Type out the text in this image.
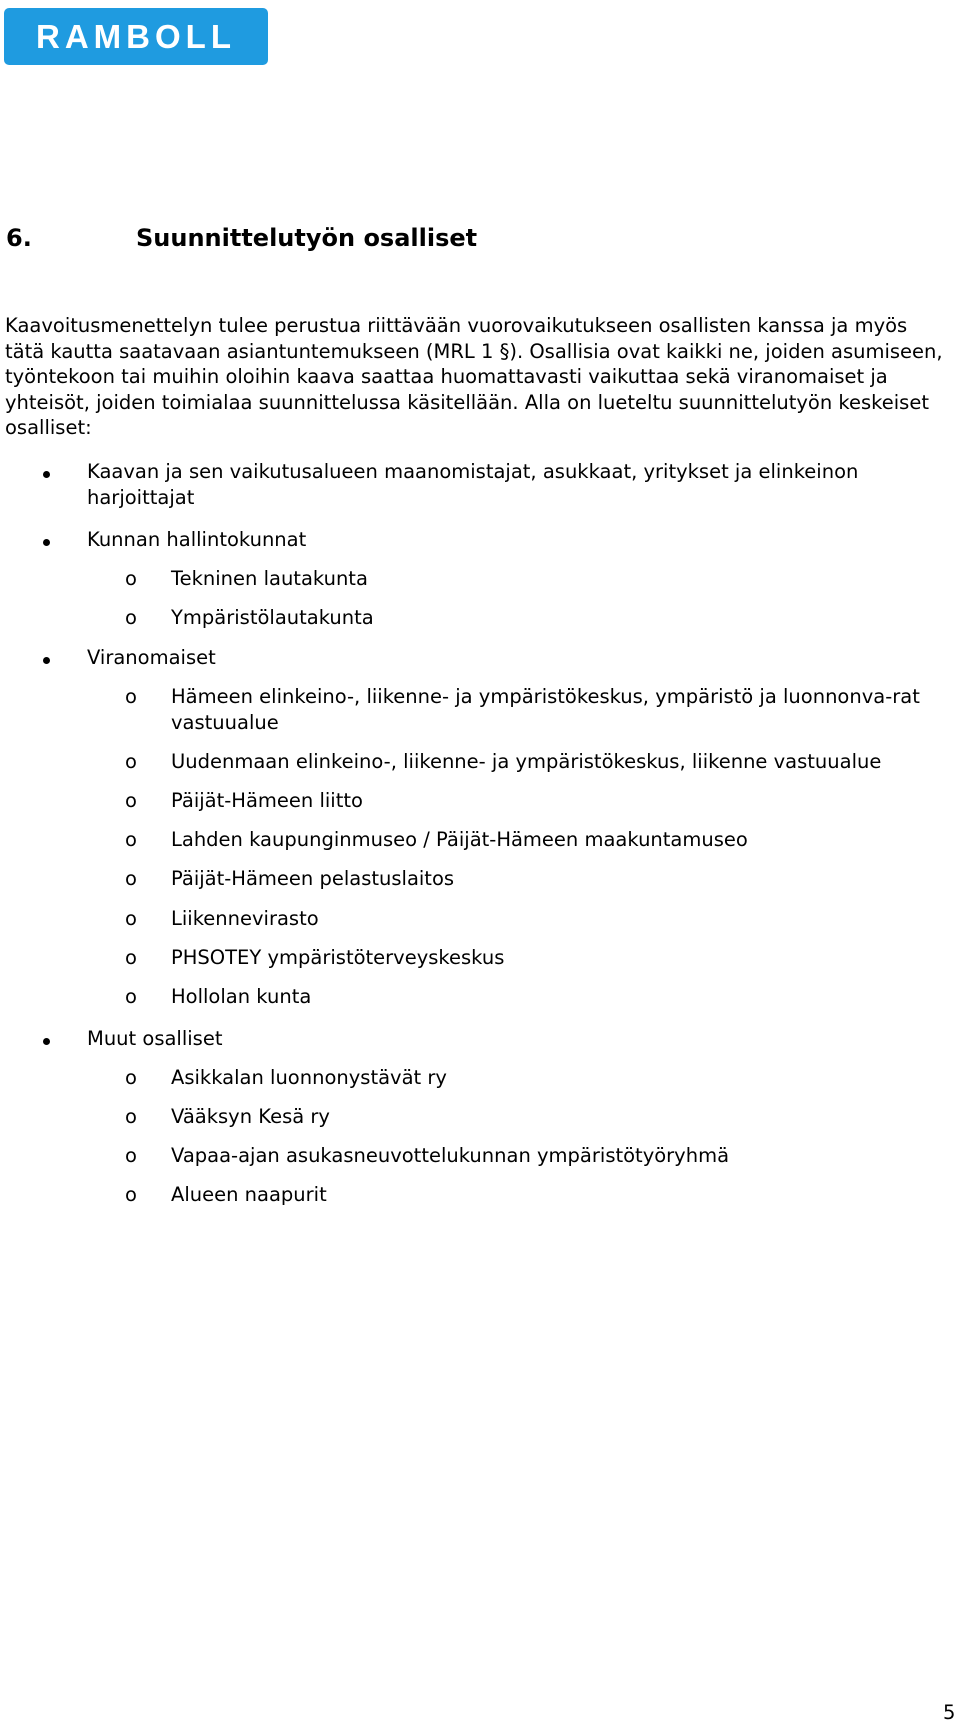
RAMBOLL
6.	Suunnittelutyön osalliset

Kaavoitusmenettelyn tulee perustua riittävään vuorovaikutukseen osallisten kanssa ja myös tätä kautta saatavaan asiantuntemukseen (MRL 1 §). Osallisia ovat kaikki ne, joiden asumiseen, työntekoon tai muihin oloihin kaava saattaa huomattavasti vaikuttaa sekä viranomaiset ja yhteisöt, joiden toimialaa suunnittelussa käsitellään. Alla on lueteltu suunnittelutyön keskeiset osalliset:

Kaavan ja sen vaikutusalueen maanomistajat, asukkaat, yritykset ja elinkeinon harjoittajat
Kunnan hallintokunnat
o Tekninen lautakunta
o Ympäristölautakunta
Viranomaiset
o Hämeen elinkeino-, liikenne- ja ympäristökeskus, ympäristö ja luonnonva-rat vastuualue
o Uudenmaan elinkeino-, liikenne- ja ympäristökeskus, liikenne vastuualue
o Päijät-Hämeen liitto
o Lahden kaupunginmuseo / Päijät-Hämeen maakuntamuseo
o Päijät-Hämeen pelastuslaitos
o Liikennevirasto
o PHSOTEY ympäristöterveyskeskus
o Hollolan kunta
Muut osalliset
o Asikkalan luonnonystävät ry
o Vääksyn Kesä ry
o Vapaa-ajan asukasneuvottelukunnan ympäristötyöryhmä
o Alueen naapurit
5
